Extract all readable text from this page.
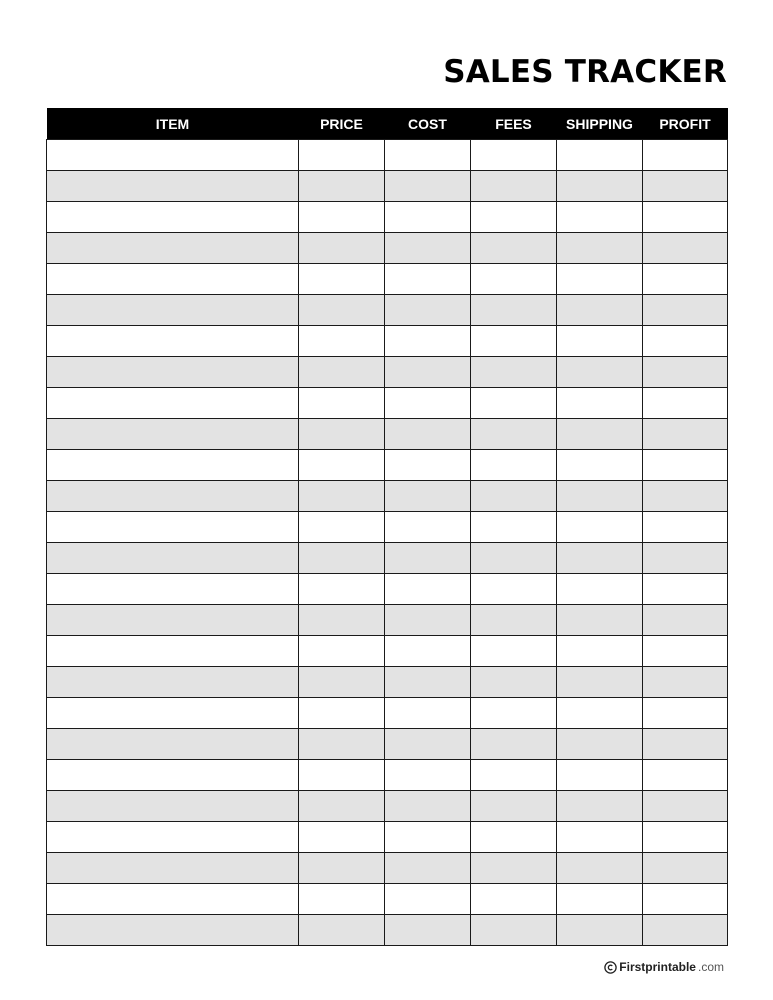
SALES TRACKER
ITEM	PRICE	COST	FEES	SHIPPING	PROFIT

Firstprintable .com
